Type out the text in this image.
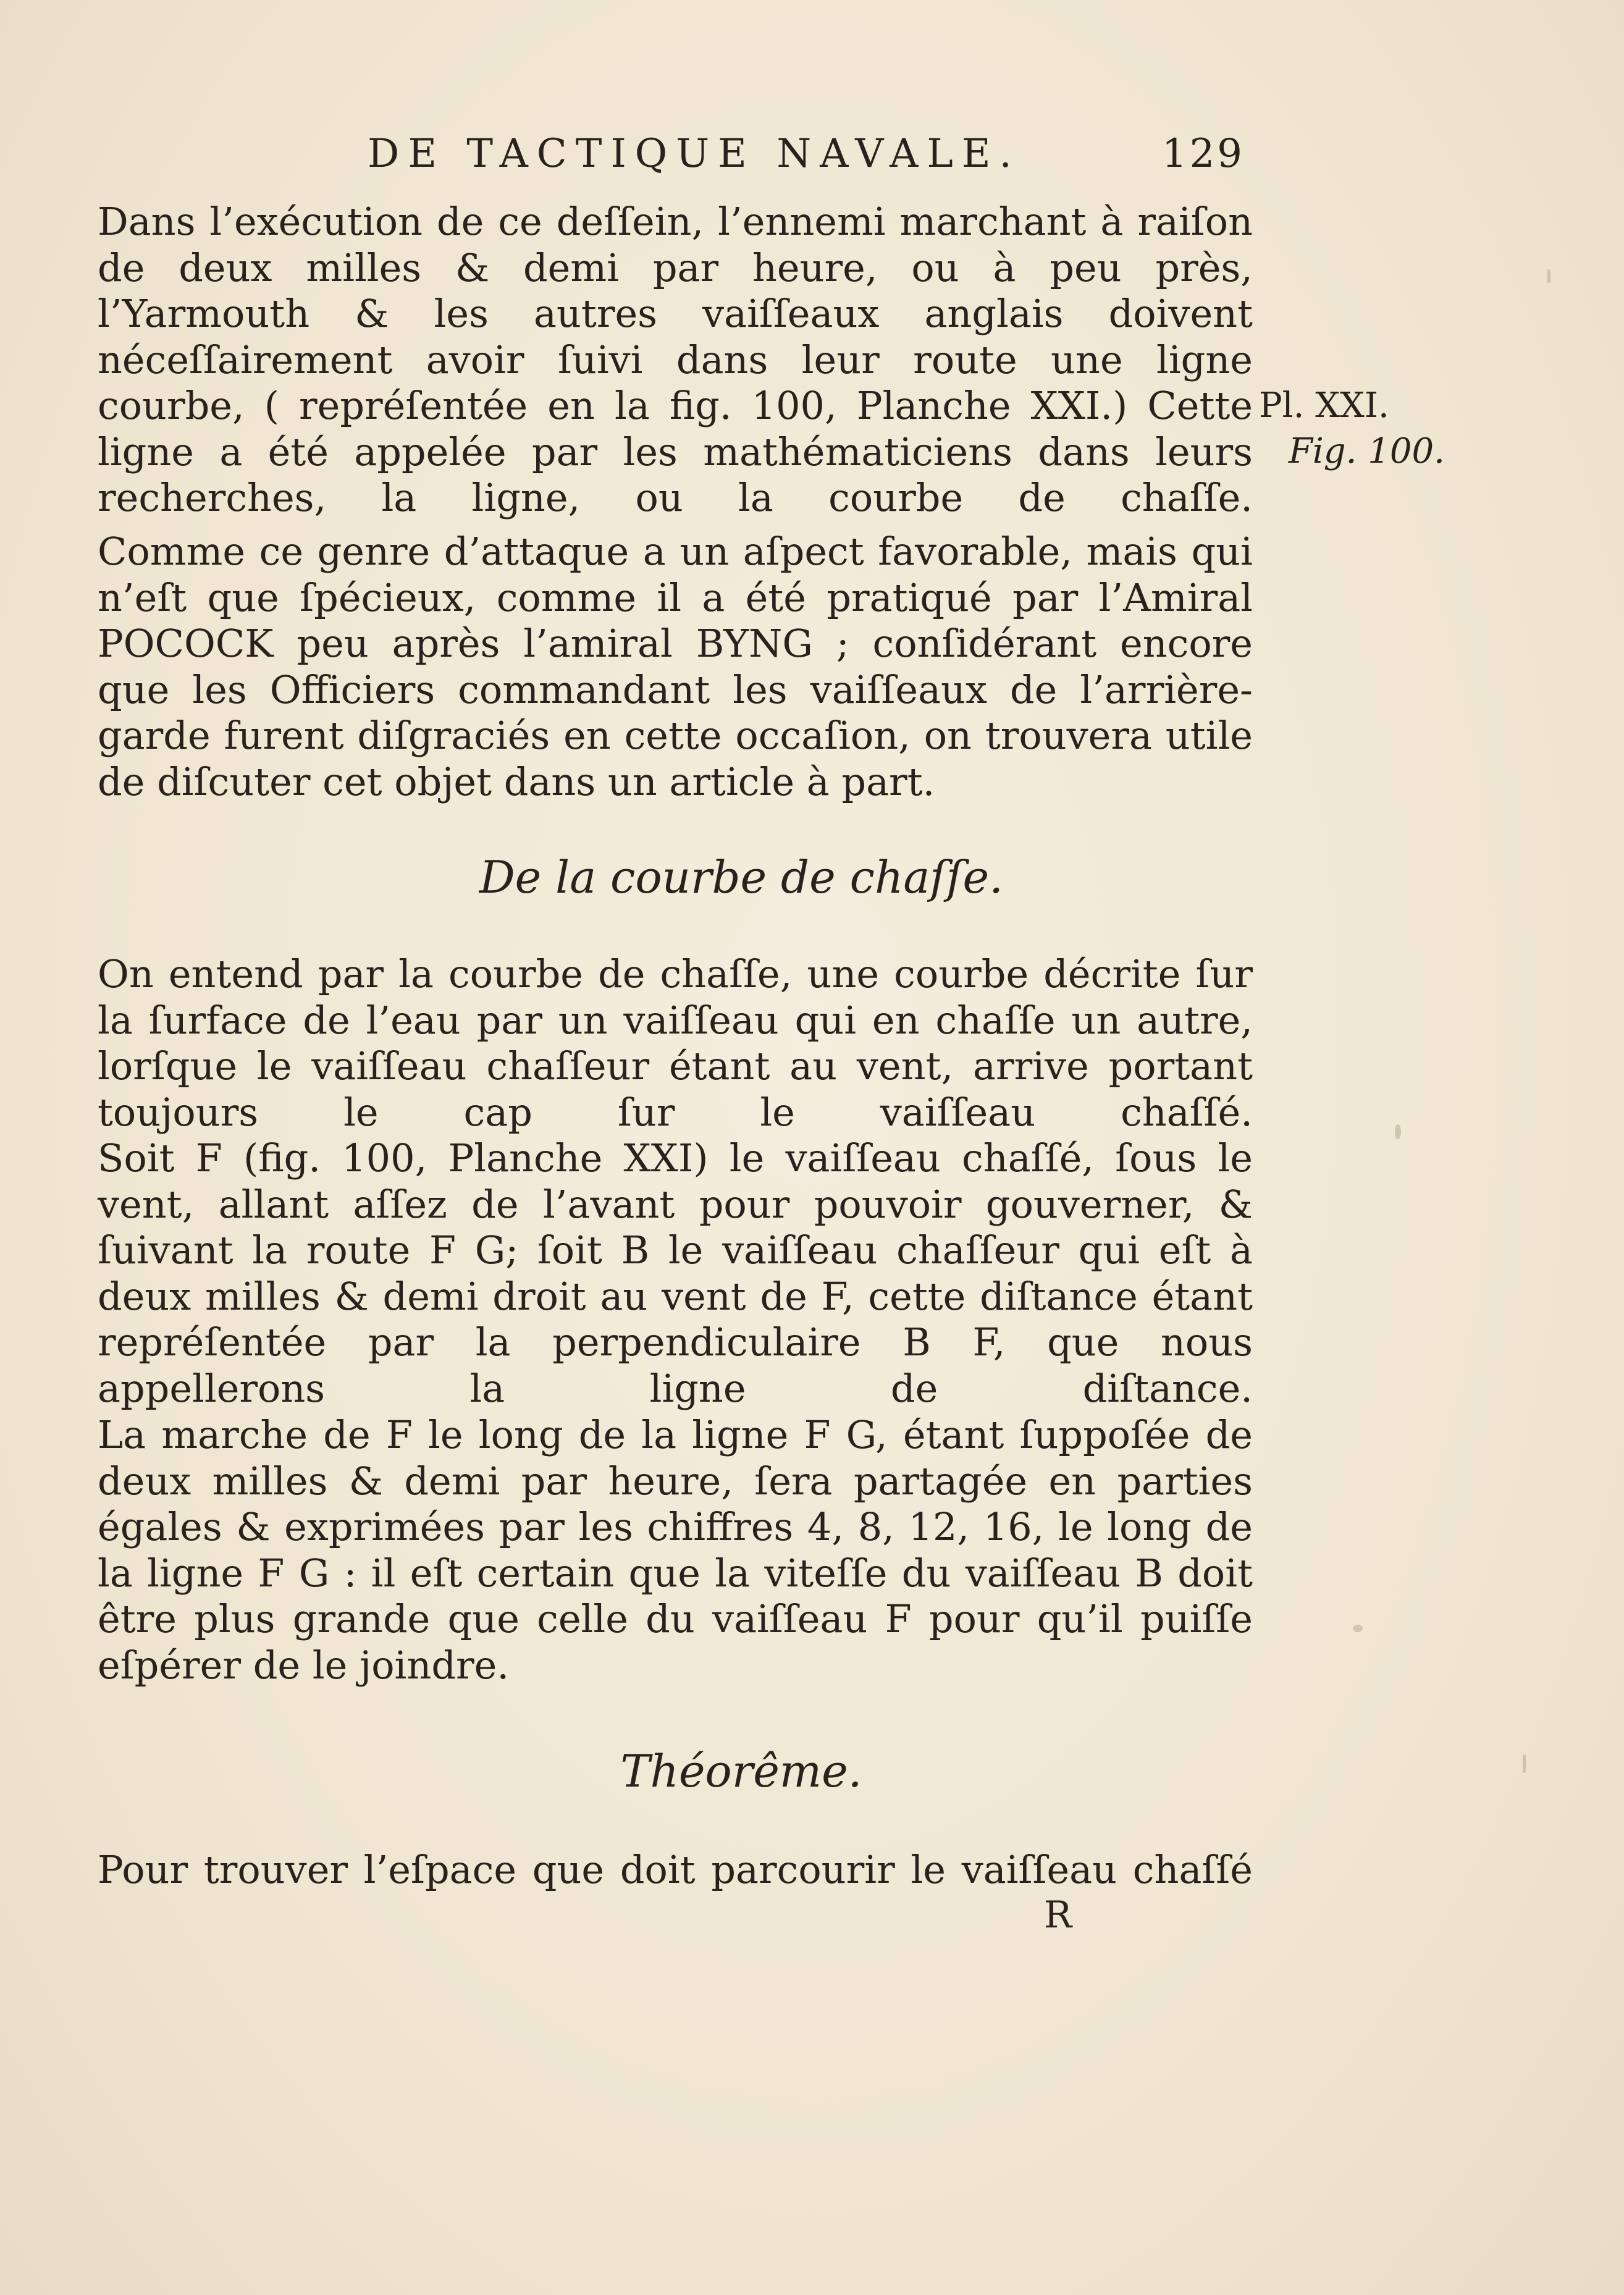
DE TACTIQUE NAVALE.	129

Dans l’exécution de ce deſſein, l’ennemi marchant à raiſon de deux milles & demi par heure, ou à peu près, l’Yarmouth & les autres vaiſſeaux anglais doivent néceſſairement avoir ſuivi dans leur route une ligne courbe, ( repréſentée en la fig. 100, Planche XXI.) Cette ligne a été appelée par les mathématiciens dans leurs recherches, la ligne, ou la courbe de chaſſe.

Pl. XXI.
Fig. 100.

Comme ce genre d’attaque a un aſpect favorable, mais qui n’eſt que ſpécieux, comme il a été pratiqué par l’Amiral POCOCK peu après l’amiral BYNG ; conſidérant encore que les Officiers commandant les vaiſſeaux de l’arrière-garde furent diſgraciés en cette occaſion, on trouvera utile de diſcuter cet objet dans un article à part.

De la courbe de chaſſe.

On entend par la courbe de chaſſe, une courbe décrite ſur la ſurface de l’eau par un vaiſſeau qui en chaſſe un autre, lorſque le vaiſſeau chaſſeur étant au vent, arrive portant toujours le cap ſur le vaiſſeau chaſſé.

Soit F (fig. 100, Planche XXI) le vaiſſeau chaſſé, ſous le vent, allant aſſez de l’avant pour pouvoir gouverner, & ſuivant la route F G; ſoit B le vaiſſeau chaſſeur qui eſt à deux milles & demi droit au vent de F, cette diſtance étant repréſentée par la perpendiculaire B F, que nous appellerons la ligne de diſtance.

La marche de F le long de la ligne F G, étant ſuppoſée de deux milles & demi par heure, ſera partagée en parties égales & exprimées par les chiffres 4, 8, 12, 16, le long de la ligne F G : il eſt certain que la viteſſe du vaiſſeau B doit être plus grande que celle du vaiſſeau F pour qu’il puiſſe eſpérer de le joindre.

Théorême.

Pour trouver l’eſpace que doit parcourir le vaiſſeau chaſſé

R
